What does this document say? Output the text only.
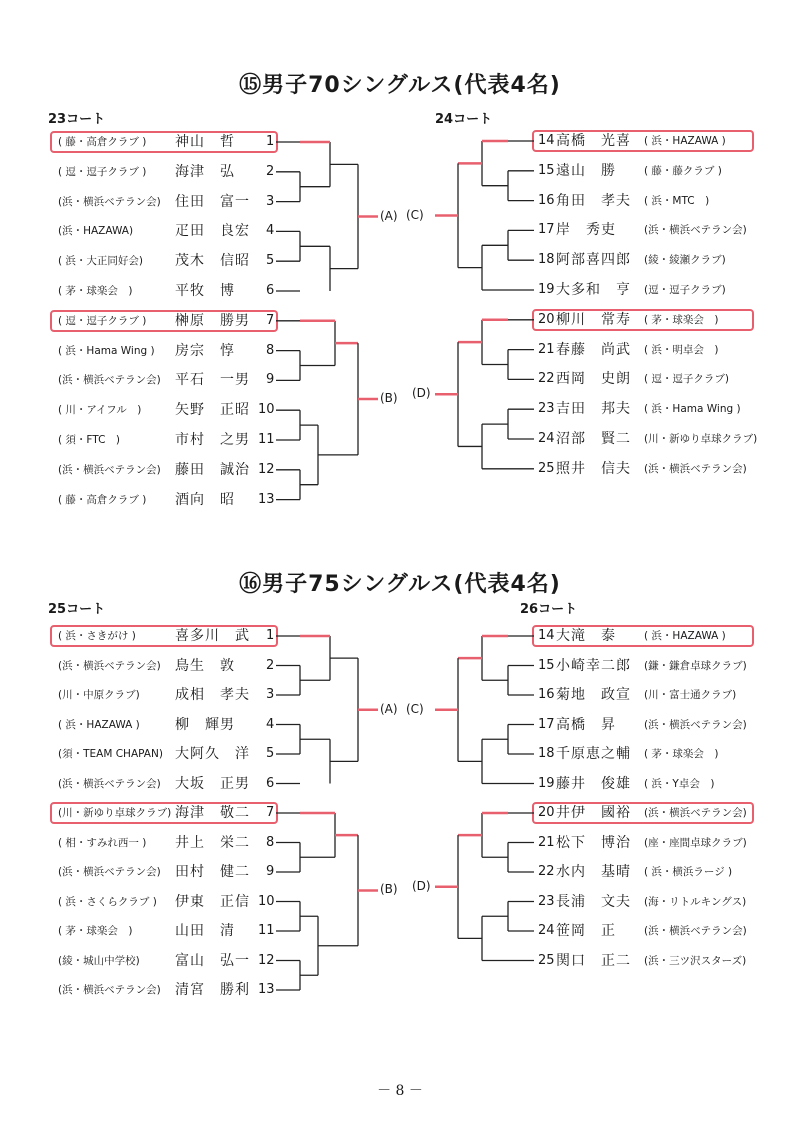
⑮男子70シングルス(代表4名)
23コート	24コート
( 藤・高倉クラブ )	神山　哲 1
( 逗・逗子クラブ )	海津　弘 2
(浜・横浜ベテラン会)	住田　富一 3
(浜・HAZAWA)	疋田　良宏 4
( 浜・大正同好会)	茂木　信昭 5
( 茅・球楽会　)	平牧　博 6
( 逗・逗子クラブ )	榊原　勝男 7
( 浜・Hama Wing )	房宗　惇 8
(浜・横浜ベテラン会)	平石　一男 9
( 川・アイフル　)	矢野　正昭 10
( 須・FTC　)	市村　之男 11
(浜・横浜ベテラン会)	藤田　誠治 12
( 藤・高倉クラブ )	酒向　昭 13
14 高橋　光喜 ( 浜・HAZAWA )
15 遠山　勝	( 藤・藤クラブ )
16 角田　孝夫 ( 浜・MTC　)
17 岸　秀吏	(浜・横浜ベテラン会)
18 阿部喜四郎 (綾・綾瀬クラブ)
19 大多和　亨 (逗・逗子クラブ)
20 柳川　常寿 ( 茅・球楽会　)
21 春藤　尚武 ( 浜・明卓会　)
22 西岡　史朗 ( 逗・逗子クラブ)
23 吉田　邦夫 ( 浜・Hama Wing )
24 沼部　賢二 (川・新ゆり卓球クラブ)
25 照井　信夫 (浜・横浜ベテラン会)
(A) (C)
(B) (D)
⑯男子75シングルス(代表4名)
25コート	26コート
( 浜・さきがけ )	喜多川　武 1
(浜・横浜ベテラン会)	鳥生　敦 2
(川・中原クラブ)	成相　孝夫 3
( 浜・HAZAWA )	柳　輝男 4
(須・TEAM CHAPAN) 大阿久　洋 5
(浜・横浜ベテラン会)	大坂　正男 6
(川・新ゆり卓球クラブ) 海津　敬二 7
( 相・すみれ西一 )	井上　栄二 8
(浜・横浜ベテラン会)	田村　健二 9
( 浜・さくらクラブ )	伊東　正信 10
( 茅・球楽会　)	山田　清 11
(綾・城山中学校)	富山　弘一 12
(浜・横浜ベテラン会)	清宮　勝利 13
14 大滝　泰	( 浜・HAZAWA )
15 小崎幸二郎 (鎌・鎌倉卓球クラブ)
16 菊地　政宣 (川・富士通クラブ)
17 高橋　昇	(浜・横浜ベテラン会)
18 千原恵之輔 ( 茅・球楽会　)
19 藤井　俊雄 ( 浜・Y卓会　)
20 井伊　國裕 (浜・横浜ベテラン会)
21 松下　博治 (座・座間卓球クラブ)
22 水内　基晴 ( 浜・横浜ラージ )
23 長浦　文夫 (海・リトルキングス)
24 笹岡　正	(浜・横浜ベテラン会)
25 関口　正二 (浜・三ツ沢スターズ)
(A) (C)
(B) (D)
－ 8 －
